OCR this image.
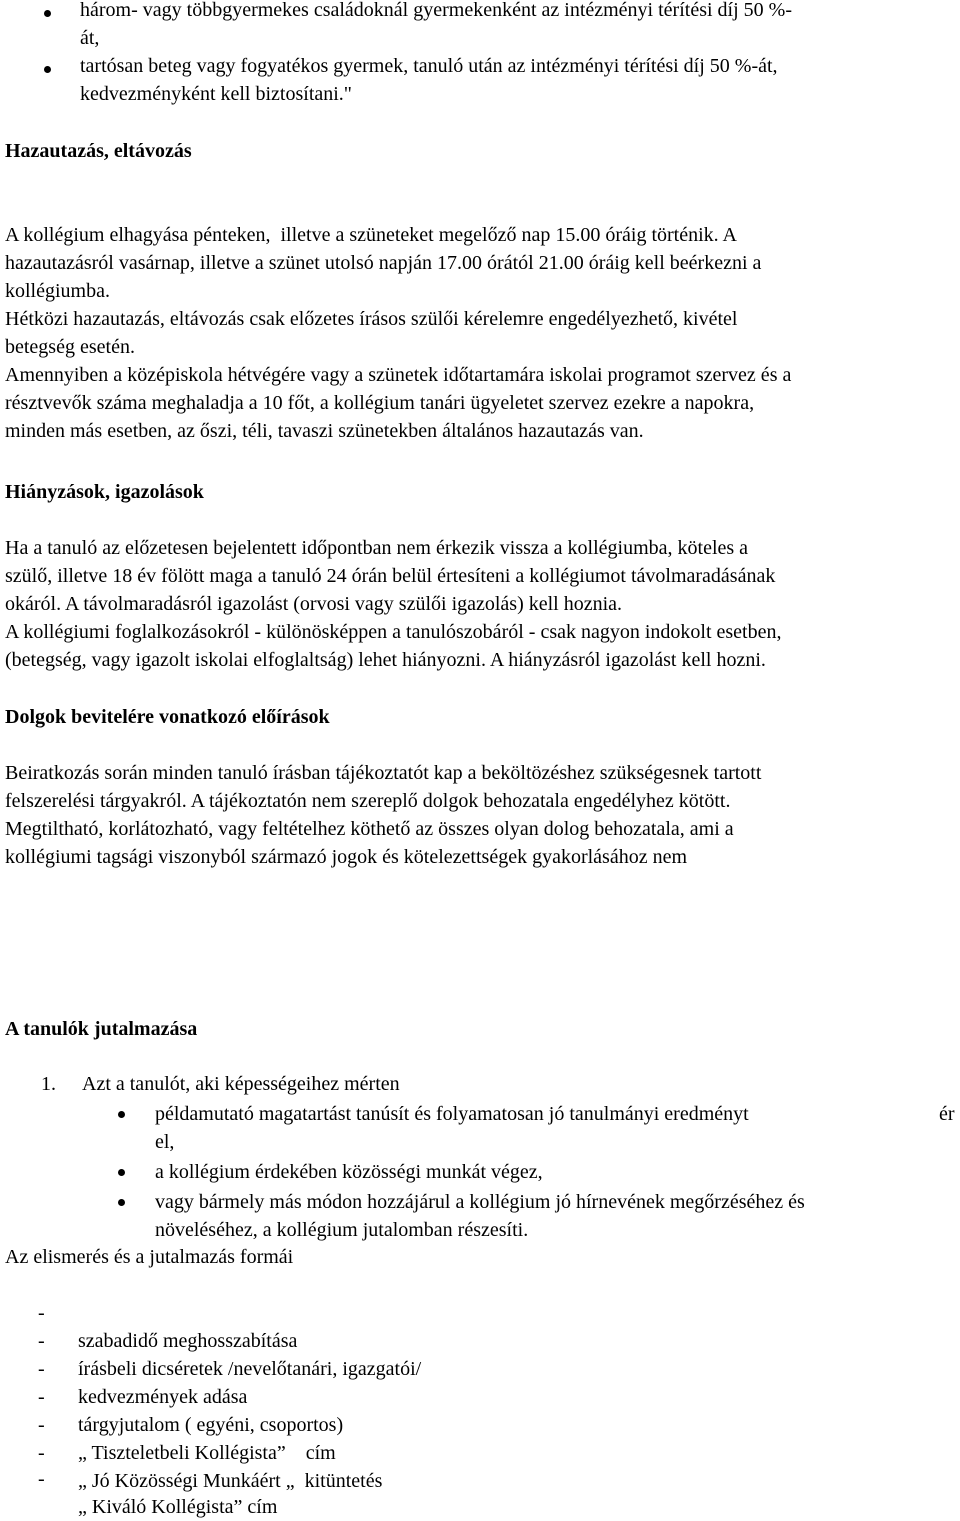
három- vagy többgyermekes családoknál gyermekenként az intézményi térítési díj 50 %-
át,
tartósan beteg vagy fogyatékos gyermek, tanuló után az intézményi térítési díj 50 %-át,
kedvezményként kell biztosítani."
Hazautazás, eltávozás
A kollégium elhagyása pénteken,  illetve a szüneteket megelőző nap 15.00 óráig történik. A
hazautazásról vasárnap, illetve a szünet utolsó napján 17.00 órától 21.00 óráig kell beérkezni a
kollégiumba.
Hétközi hazautazás, eltávozás csak előzetes írásos szülői kérelemre engedélyezhető, kivétel
betegség esetén.
Amennyiben a középiskola hétvégére vagy a szünetek időtartamára iskolai programot szervez és a
résztvevők száma meghaladja a 10 főt, a kollégium tanári ügyeletet szervez ezekre a napokra,
minden más esetben, az őszi, téli, tavaszi szünetekben általános hazautazás van.
Hiányzások, igazolások
Ha a tanuló az előzetesen bejelentett időpontban nem érkezik vissza a kollégiumba, köteles a
szülő, illetve 18 év fölött maga a tanuló 24 órán belül értesíteni a kollégiumot távolmaradásának
okáról. A távolmaradásról igazolást (orvosi vagy szülői igazolás) kell hoznia.
A kollégiumi foglalkozásokról - különösképpen a tanulószobáról - csak nagyon indokolt esetben,
(betegség, vagy igazolt iskolai elfoglaltság) lehet hiányozni. A hiányzásról igazolást kell hozni.
Dolgok bevitelére vonatkozó előírások
Beiratkozás során minden tanuló írásban tájékoztatót kap a beköltözéshez szükségesnek tartott
felszerelési tárgyakról. A tájékoztatón nem szereplő dolgok behozatala engedélyhez kötött.
Megtiltható, korlátozható, vagy feltételhez köthető az összes olyan dolog behozatala, ami a
kollégiumi tagsági viszonyból származó jogok és kötelezettségek gyakorlásához nem
A tanulók jutalmazása
1. Azt a tanulót, aki képességeihez mérten
példamutató magatartást tanúsít és folyamatosan jó tanulmányi eredményt	ér
el,
a kollégium érdekében közösségi munkát végez,
vagy bármely más módon hozzájárul a kollégium jó hírnevének megőrzéséhez és
növeléséhez, a kollégium jutalomban részesíti.
Az elismerés és a jutalmazás formái

-

szabadidő meghosszabítása

-

írásbeli dicséretek /nevelőtanári, igazgatói/

-

kedvezmények adása

-

tárgyjutalom ( egyéni, csoportos)

-

„ Tiszteletbeli Kollégista”    cím

-

„ Jó Közösségi Munkáért „  kitüntetés

-

„ Kiváló Kollégista” cím
